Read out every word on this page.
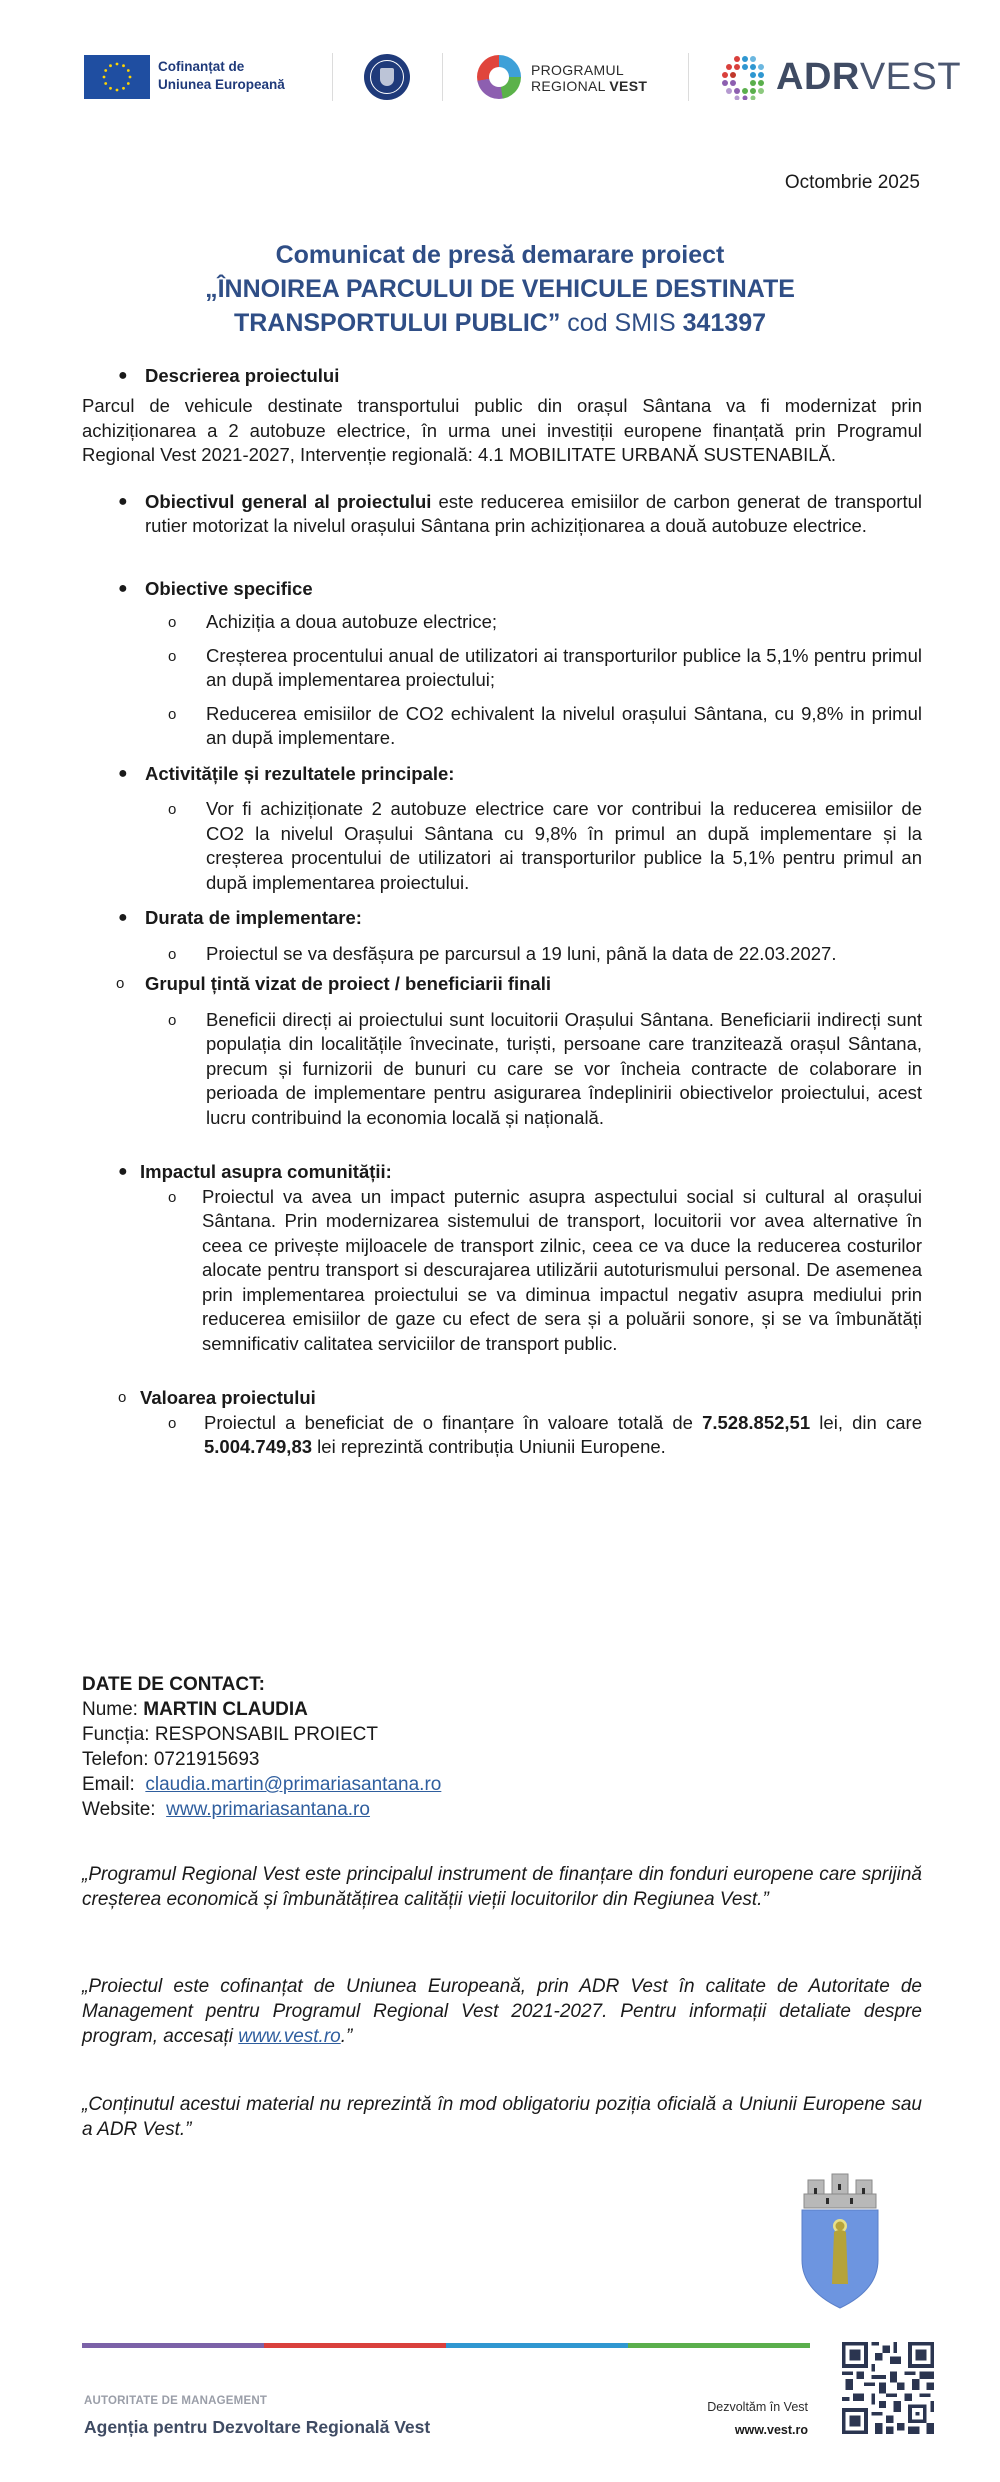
Cofinanțat de
Uniunea Europeană
PROGRAMUL
REGIONAL VEST	ADRVEST
Octombrie 2025
Comunicat de presă demarare proiect
„ÎNNOIREA PARCULUI DE VEHICULE DESTINATE
TRANSPORTULUI PUBLIC” cod SMIS 341397
● Descrierea proiectului

Parcul de vehicule destinate transportului public din orașul Sântana va fi modernizat prin achiziționarea a 2 autobuze electrice, în urma unei investiții europene finanțată prin Programul Regional Vest 2021-2027, Intervenție regională: 4.1 MOBILITATE URBANĂ SUSTENABILĂ.

● Obiectivul general al proiectului este reducerea emisiilor de carbon generat de transportul rutier motorizat la nivelul orașului Sântana prin achiziționarea a două autobuze electrice.

● Obiective specifice
o Achiziția a doua autobuze electrice;
o Creșterea procentului anual de utilizatori ai transporturilor publice la 5,1% pentru primul an după implementarea proiectului;
o Reducerea emisiilor de CO2 echivalent la nivelul orașului Sântana, cu 9,8% in primul an după implementare.
● Activitățile și rezultatele principale:
o Vor fi achiziționate 2 autobuze electrice care vor contribui la reducerea emisiilor de CO2 la nivelul Orașului Sântana cu 9,8% în primul an după implementare și la creșterea procentului de utilizatori ai transporturilor publice la 5,1% pentru primul an după implementarea proiectului.
● Durata de implementare:
o Proiectul se va desfășura pe parcursul a 19 luni, până la data de 22.03.2027.
o Grupul țintă vizat de proiect / beneficiarii finali
o Beneficii direcți ai proiectului sunt locuitorii Orașului Sântana. Beneficiarii indirecți sunt populația din localitățile învecinate, turiști, persoane care tranzitează orașul Sântana, precum și furnizorii de bunuri cu care se vor încheia contracte de colaborare in perioada de implementare pentru asigurarea îndeplinirii obiectivelor proiectului, acest lucru contribuind la economia locală și națională.
● Impactul asupra comunității:
o Proiectul va avea un impact puternic asupra aspectului social si cultural al orașului Sântana. Prin modernizarea sistemului de transport, locuitorii vor avea alternative în ceea ce privește mijloacele de transport zilnic, ceea ce va duce la reducerea costurilor alocate pentru transport si descurajarea utilizării autoturismului personal. De asemenea prin implementarea proiectului se va diminua impactul negativ asupra mediului prin reducerea emisiilor de gaze cu efect de sera și a poluării sonore, și se va îmbunătăți semnificativ calitatea serviciilor de transport public.
o Valoarea proiectului
o Proiectul a beneficiat de o finanțare în valoare totală de 7.528.852,51 lei, din care 5.004.749,83 lei reprezintă contribuția Uniunii Europene.
DATE DE CONTACT:
Nume: MARTIN CLAUDIA
Funcția: RESPONSABIL PROIECT
Telefon: 0721915693
Email:  claudia.martin@primariasantana.ro
Website:  www.primariasantana.ro

„Programul Regional Vest este principalul instrument de finanțare din fonduri europene care sprijină creșterea economică și îmbunătățirea calității vieții locuitorilor din Regiunea Vest.”

„Proiectul este cofinanțat de Uniunea Europeană, prin ADR Vest în calitate de Autoritate de Management pentru Programul Regional Vest 2021-2027. Pentru informații detaliate despre program, accesați www.vest.ro.”

„Conținutul acestui material nu reprezintă în mod obligatoriu poziția oficială a Uniunii Europene sau a ADR Vest.”

AUTORITATE DE MANAGEMENT
Agenția pentru Dezvoltare Regională Vest
Dezvoltăm în Vest
www.vest.ro
